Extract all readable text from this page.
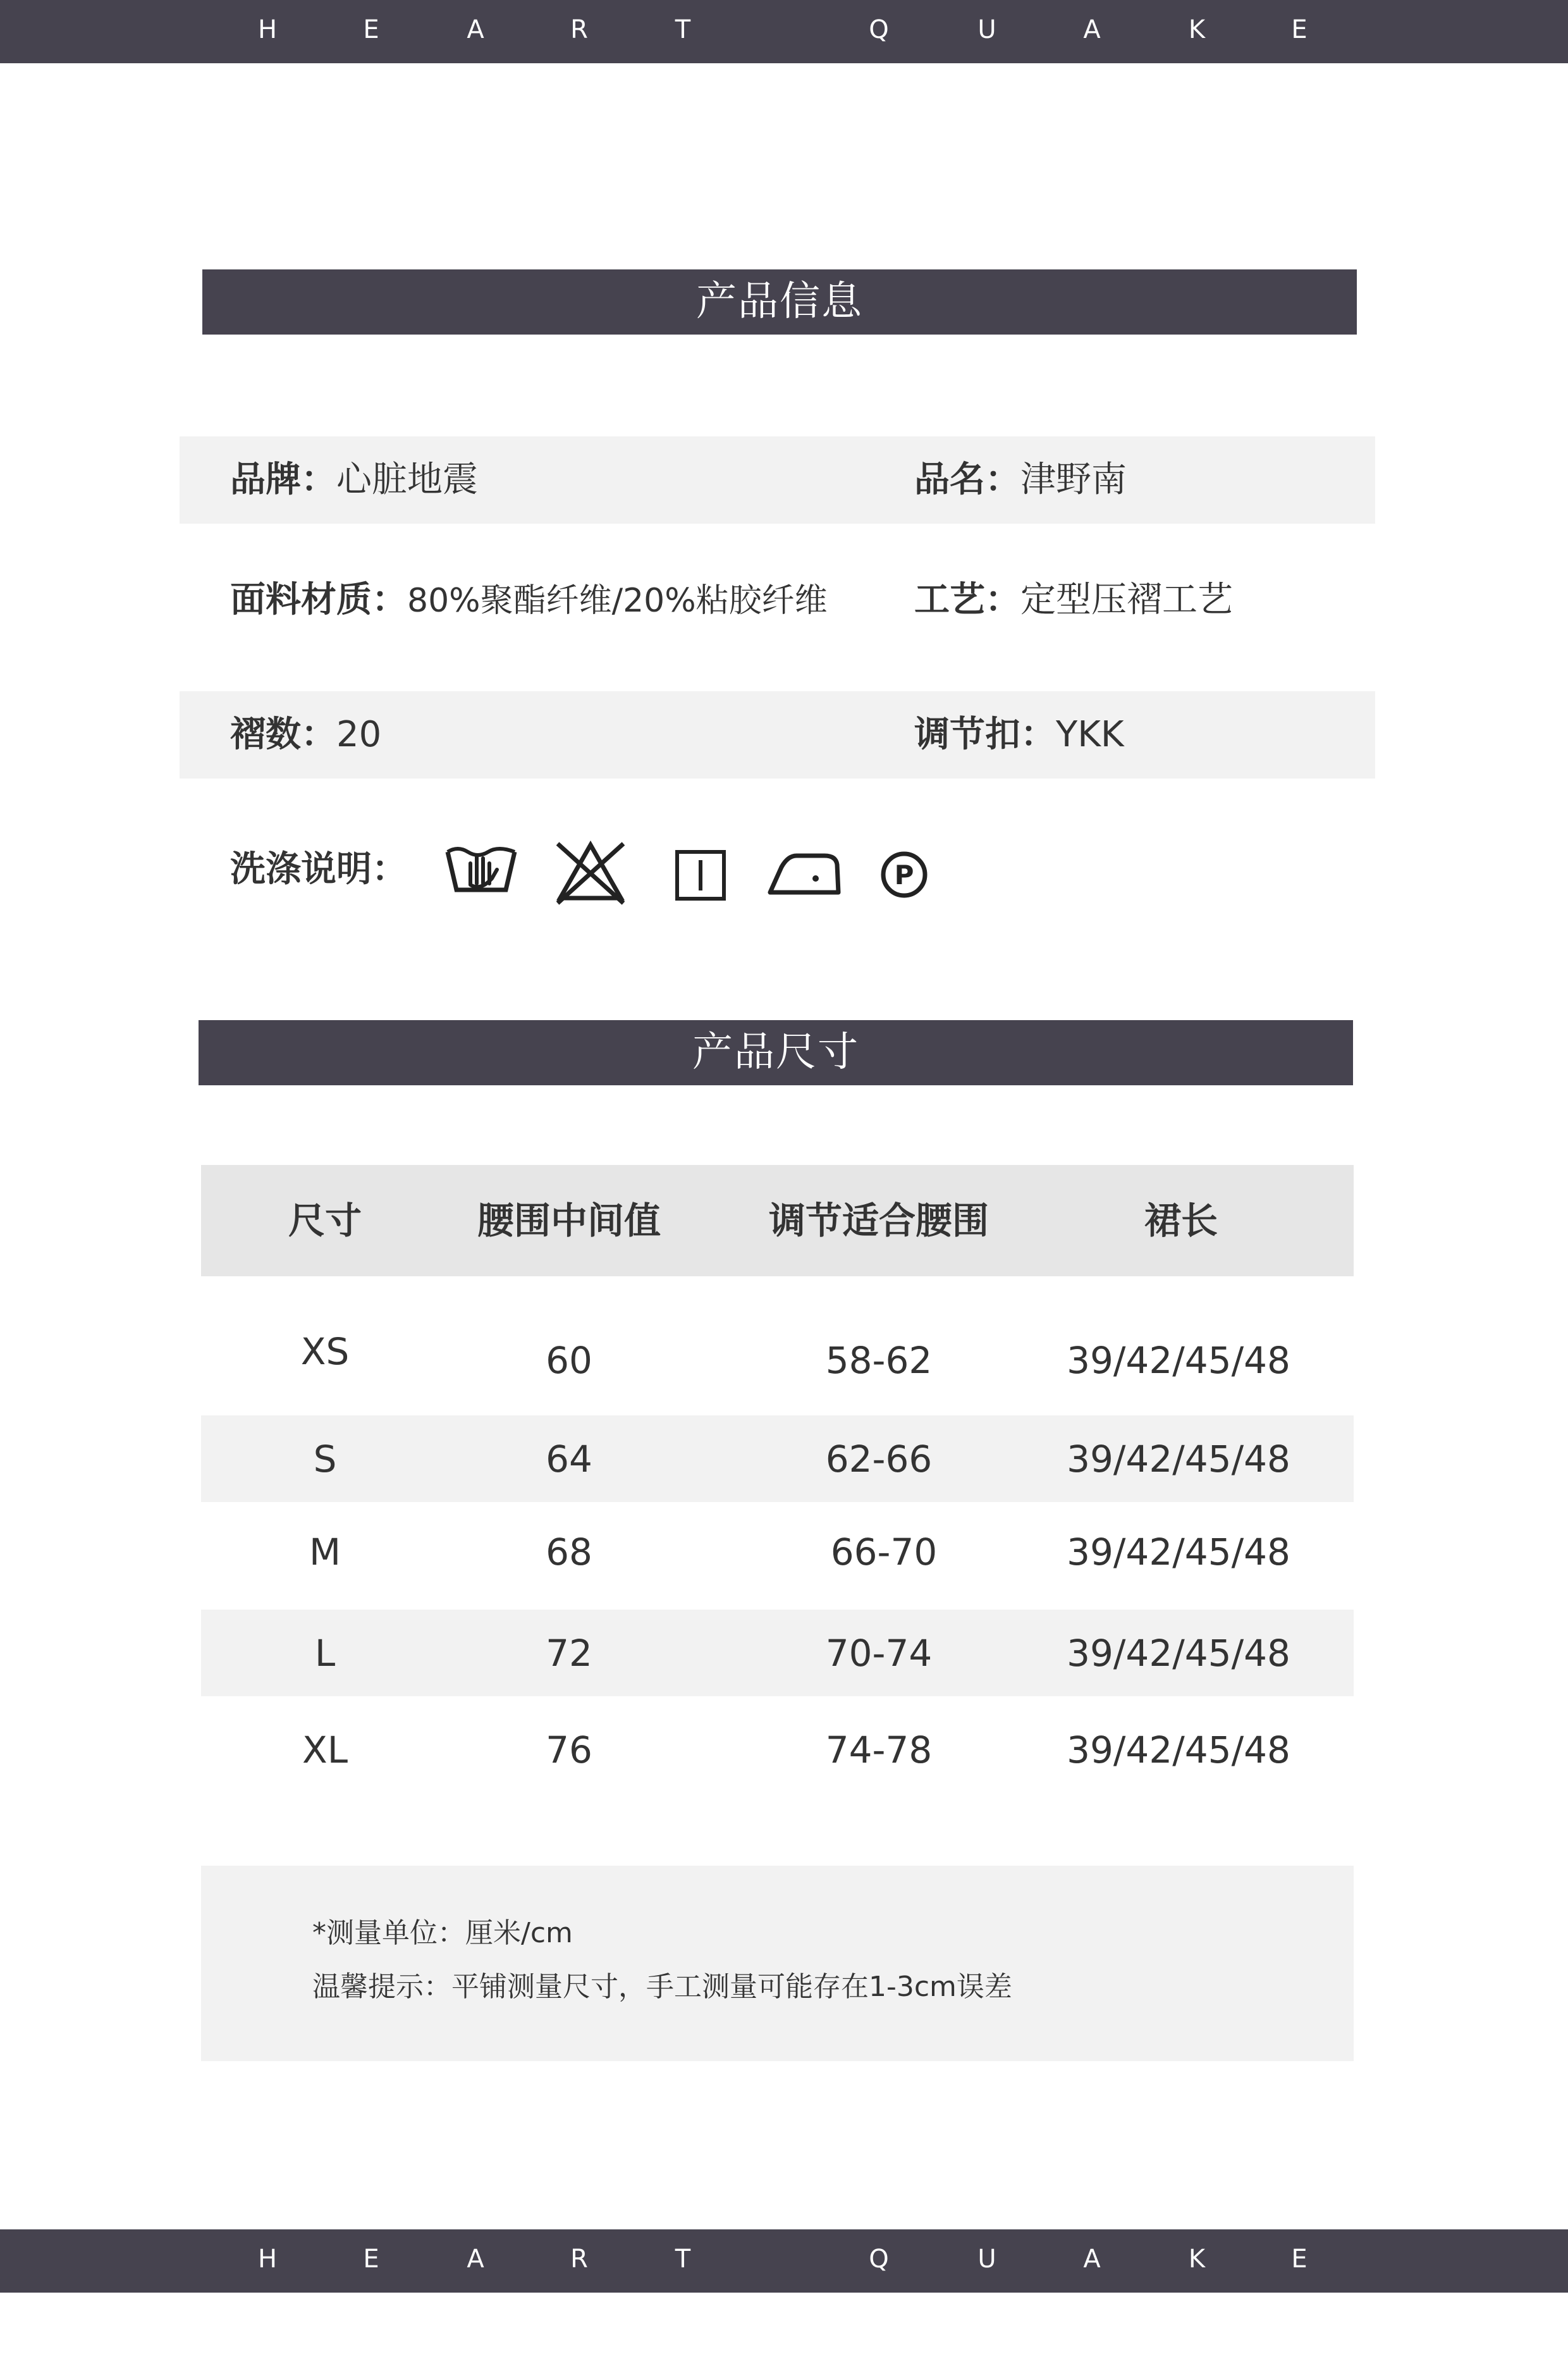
H	E	A	R	T	Q	U	A	K	E
产品信息
品牌：心脏地震	品名：津野南
面料材质：80%聚酯纤维/20%粘胶纤维 工艺：定型压褶工艺
褶数：20	调节扣：YKK
洗涤说明：	P
产品尺寸
尺寸	腰围中间值	调节适合腰围	裙长
XS	60	58-62	39/42/45/48
S	64	62-66	39/42/45/48
M	68	66-70	39/42/45/48
L	72	70-74	39/42/45/48
XL	76	74-78	39/42/45/48
*测量单位：厘米/cm
温馨提示：平铺测量尺寸，手工测量可能存在1-3cm误差
H	E	A	R	T	Q	U	A	K	E
